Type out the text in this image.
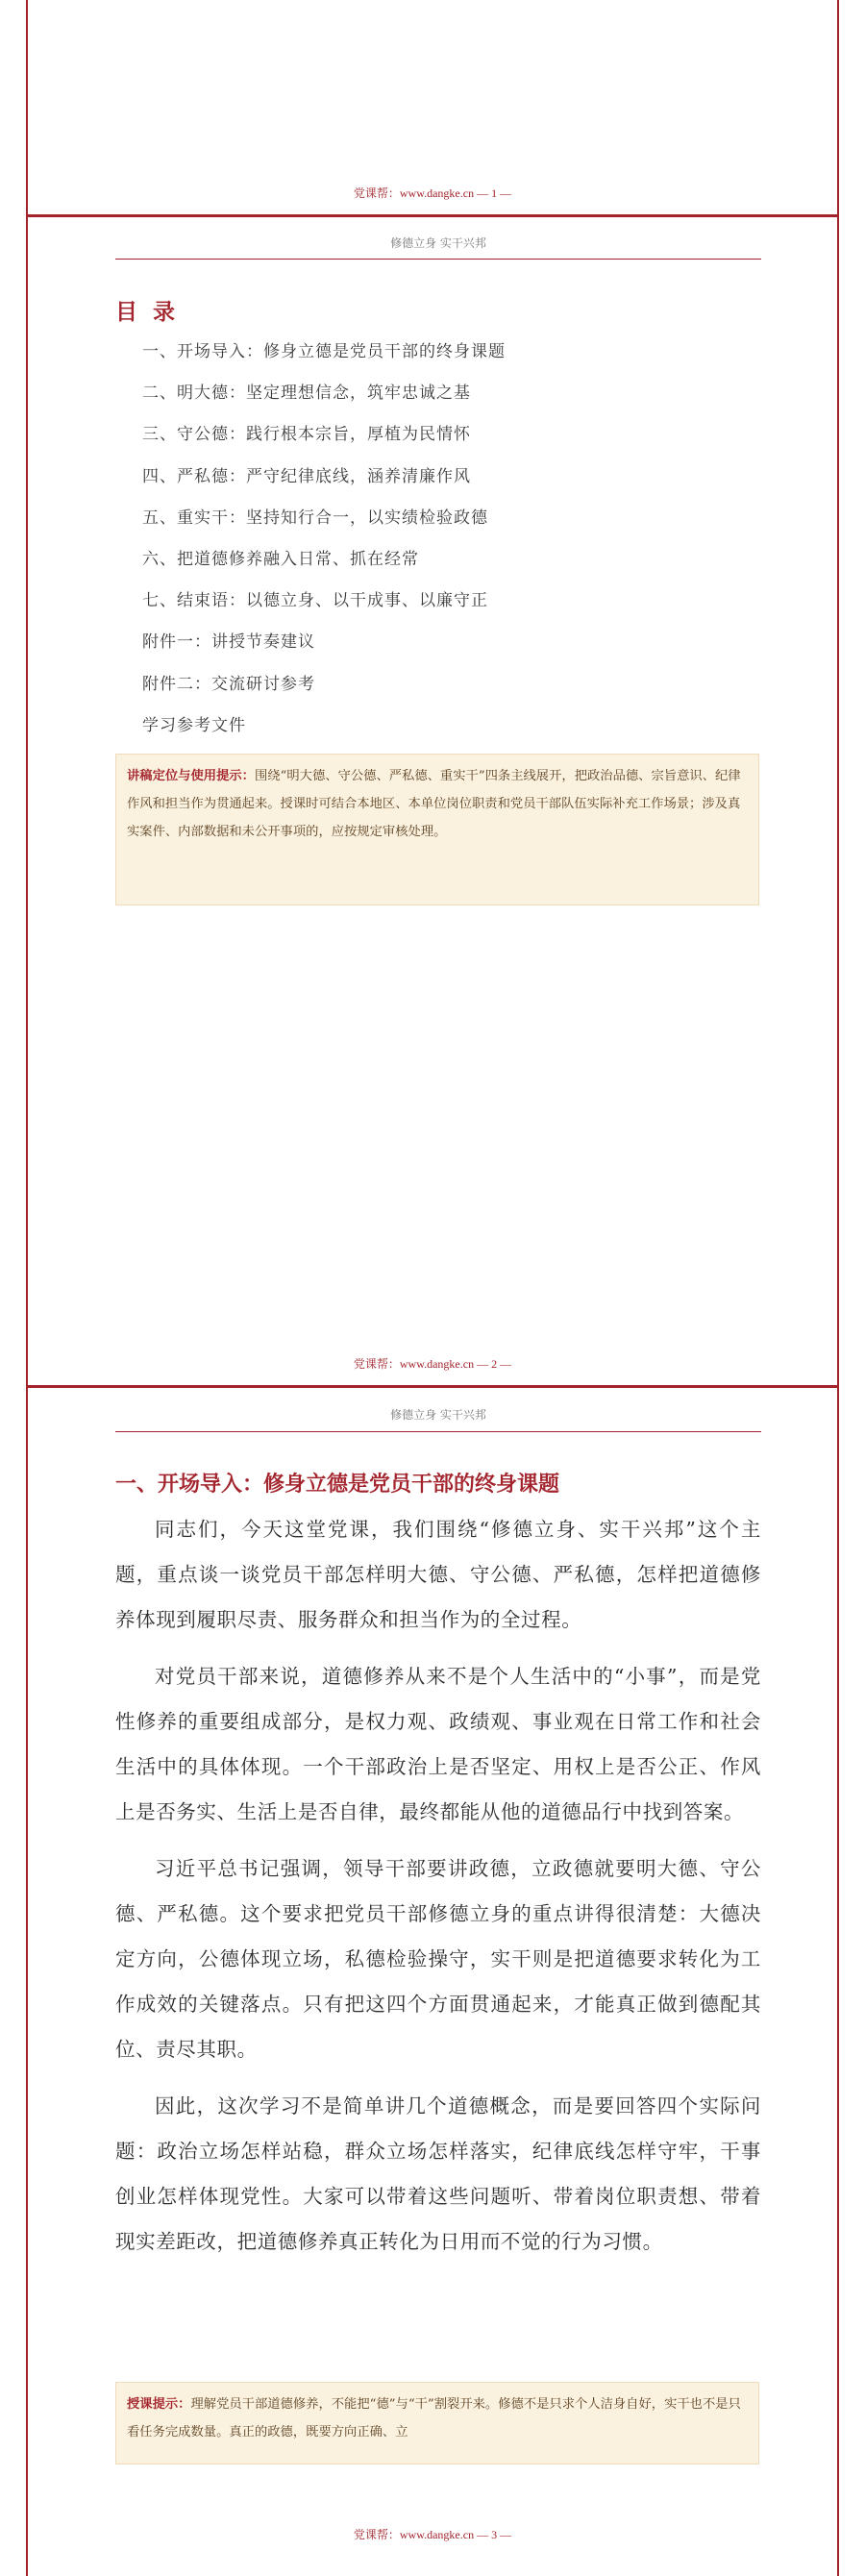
党课帮：www.dangke.cn — 1 —
修德立身 实干兴邦
目 录
一、开场导入：修身立德是党员干部的终身课题
二、明大德：坚定理想信念，筑牢忠诚之基
三、守公德：践行根本宗旨，厚植为民情怀
四、严私德：严守纪律底线，涵养清廉作风
五、重实干：坚持知行合一，以实绩检验政德
六、把道德修养融入日常、抓在经常
七、结束语：以德立身、以干成事、以廉守正
附件一：讲授节奏建议
附件二：交流研讨参考
学习参考文件
讲稿定位与使用提示：围绕“明大德、守公德、严私德、重实干”四条主线展开，把政治品德、宗旨意识、纪律作风和担当作为贯通起来。授课时可结合本地区、本单位岗位职责和党员干部队伍实际补充工作场景；涉及真实案件、内部数据和未公开事项的，应按规定审核处理。
党课帮：www.dangke.cn — 2 —
修德立身 实干兴邦
一、开场导入：修身立德是党员干部的终身课题

同志们，今天这堂党课，我们围绕“修德立身、实干兴邦”这个主题，重点谈一谈党员干部怎样明大德、守公德、严私德，怎样把道德修养体现到履职尽责、服务群众和担当作为的全过程。

对党员干部来说，道德修养从来不是个人生活中的“小事”，而是党性修养的重要组成部分，是权力观、政绩观、事业观在日常工作和社会生活中的具体体现。一个干部政治上是否坚定、用权上是否公正、作风上是否务实、生活上是否自律，最终都能从他的道德品行中找到答案。

习近平总书记强调，领导干部要讲政德，立政德就要明大德、守公德、严私德。这个要求把党员干部修德立身的重点讲得很清楚：大德决定方向，公德体现立场，私德检验操守，实干则是把道德要求转化为工作成效的关键落点。只有把这四个方面贯通起来，才能真正做到德配其位、责尽其职。

因此，这次学习不是简单讲几个道德概念，而是要回答四个实际问题：政治立场怎样站稳，群众立场怎样落实，纪律底线怎样守牢，干事创业怎样体现党性。大家可以带着这些问题听、带着岗位职责想、带着现实差距改，把道德修养真正转化为日用而不觉的行为习惯。

授课提示：理解党员干部道德修养，不能把“德”与“干”割裂开来。修德不是只求个人洁身自好，实干也不是只看任务完成数量。真正的政德，既要方向正确、立
党课帮：www.dangke.cn — 3 —
